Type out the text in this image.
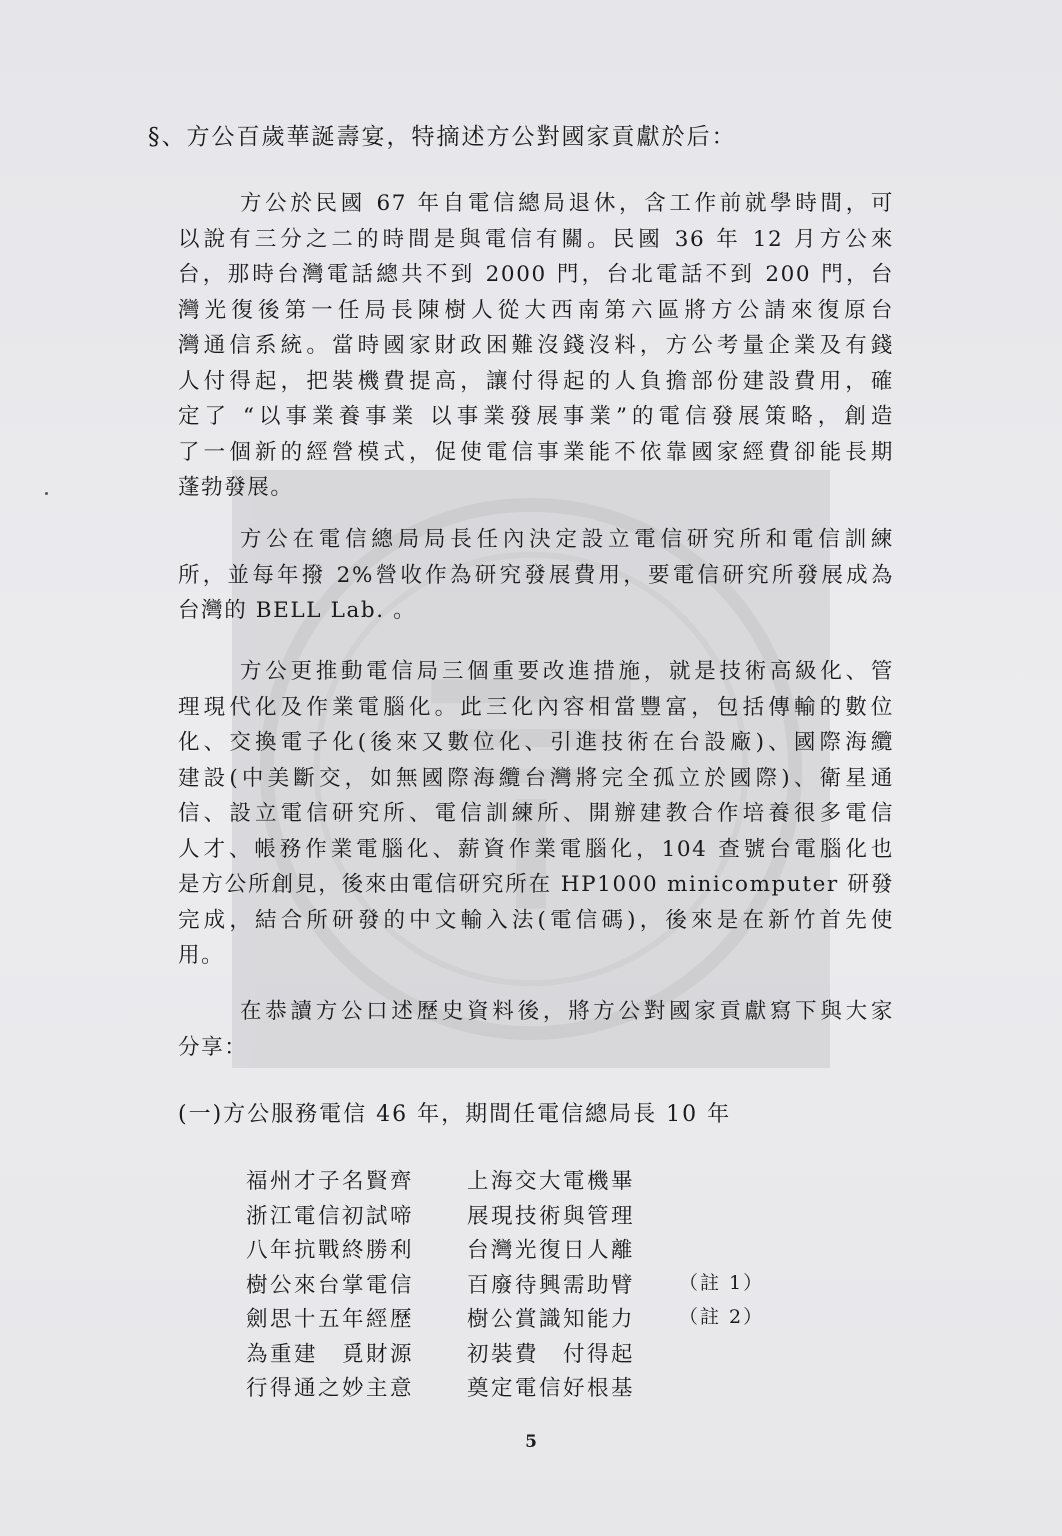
§、方公百歲華誕壽宴，特摘述方公對國家貢獻於后：
方公於民國 67 年自電信總局退休，含工作前就學時間，可
以說有三分之二的時間是與電信有關。民國 36 年 12 月方公來
台，那時台灣電話總共不到 2000 門，台北電話不到 200 門，台
灣光復後第一任局長陳樹人從大西南第六區將方公請來復原台
灣通信系統。當時國家財政困難沒錢沒料，方公考量企業及有錢
人付得起，把裝機費提高，讓付得起的人負擔部份建設費用，確
定了 “以事業養事業 以事業發展事業”的電信發展策略，創造
了一個新的經營模式，促使電信事業能不依靠國家經費卻能長期
蓬勃發展。
方公在電信總局局長任內決定設立電信研究所和電信訓練
所，並每年撥 2%營收作為研究發展費用，要電信研究所發展成為
台灣的 BELL Lab. 。
方公更推動電信局三個重要改進措施，就是技術高級化、管
理現代化及作業電腦化。此三化內容相當豐富，包括傳輸的數位
化、交換電子化(後來又數位化、引進技術在台設廠)、國際海纜
建設(中美斷交，如無國際海纜台灣將完全孤立於國際)、衛星通
信、設立電信研究所、電信訓練所、開辦建教合作培養很多電信
人才、帳務作業電腦化、薪資作業電腦化，104 查號台電腦化也
是方公所創見，後來由電信研究所在 HP1000 minicomputer 研發
完成，結合所研發的中文輸入法(電信碼)，後來是在新竹首先使
用。
在恭讀方公口述歷史資料後，將方公對國家貢獻寫下與大家
分享：
(一)方公服務電信 46 年，期間任電信總局長 10 年
福州才子名賢齊 上海交大電機畢
浙江電信初試啼 展現技術與管理
八年抗戰終勝利 台灣光復日人離
樹公來台掌電信 百廢待興需助臂 （註 1）
劍思十五年經歷 樹公賞識知能力 （註 2）
為重建　覓財源 初裝費　付得起
行得通之妙主意 奠定電信好根基
5
